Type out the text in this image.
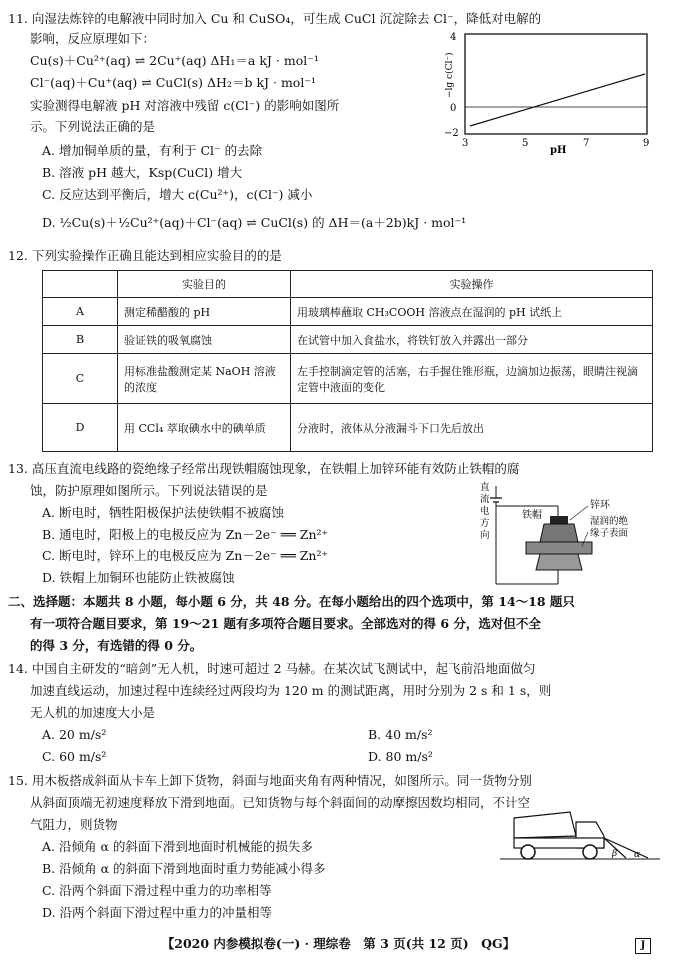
11. 向湿法炼锌的电解液中同时加入 Cu 和 CuSO₄，可生成 CuCl 沉淀除去 Cl⁻，降低对电解的
影响，反应原理如下：
Cu(s)＋Cu²⁺(aq) ⇌ 2Cu⁺(aq) ΔH₁＝a kJ · mol⁻¹
Cl⁻(aq)＋Cu⁺(aq) ⇌ CuCl(s) ΔH₂＝b kJ · mol⁻¹
实验测得电解液 pH 对溶液中残留 c(Cl⁻) 的影响如图所
示。下列说法正确的是
A. 增加铜单质的量，有利于 Cl⁻ 的去除
B. 溶液 pH 越大，Ksp(CuCl) 增大
C. 反应达到平衡后，增大 c(Cu²⁺)，c(Cl⁻) 减小
D. ½Cu(s)＋½Cu²⁺(aq)＋Cl⁻(aq) ⇌ CuCl(s) 的 ΔH＝(a＋2b)kJ · mol⁻¹
4
0
−2
−lg c(Cl⁻)
3	5	7	9
pH
12. 下列实验操作正确且能达到相应实验目的的是
	实验目的	实验操作
A	测定稀醋酸的 pH	用玻璃棒蘸取 CH₃COOH 溶液点在湿润的 pH 试纸上
B	验证铁的吸氧腐蚀	在试管中加入食盐水，将铁钉放入并露出一部分
C	用标准盐酸测定某 NaOH 溶液的浓度	左手控制滴定管的活塞，右手握住锥形瓶，边滴加边振荡，眼睛注视滴定管中液面的变化
D	用 CCl₄ 萃取碘水中的碘单质	分液时，液体从分液漏斗下口先后放出
13. 高压直流电线路的瓷绝缘子经常出现铁帽腐蚀现象，在铁帽上加锌环能有效防止铁帽的腐
蚀，防护原理如图所示。下列说法错误的是
A. 断电时，牺牲阳极保护法使铁帽不被腐蚀
B. 通电时，阳极上的电极反应为 Zn－2e⁻ ══ Zn²⁺
C. 断电时，锌环上的电极反应为 Zn－2e⁻ ══ Zn²⁺
D. 铁帽上加铜环也能防止铁被腐蚀
直
流
电
方
向
铁帽
锌环
湿润的绝
缘子表面
二、选择题：本题共 8 小题，每小题 6 分，共 48 分。在每小题给出的四个选项中，第 14～18 题只
有一项符合题目要求，第 19～21 题有多项符合题目要求。全部选对的得 6 分，选对但不全
的得 3 分，有选错的得 0 分。
14. 中国自主研发的“暗剑”无人机，时速可超过 2 马赫。在某次试飞测试中，起飞前沿地面做匀
加速直线运动，加速过程中连续经过两段均为 120 m 的测试距离，用时分别为 2 s 和 1 s，则
无人机的加速度大小是
A. 20 m/s²	B. 40 m/s²
C. 60 m/s²	D. 80 m/s²
15. 用木板搭成斜面从卡车上卸下货物，斜面与地面夹角有两种情况，如图所示。同一货物分别
从斜面顶端无初速度释放下滑到地面。已知货物与每个斜面间的动摩擦因数均相同，不计空
气阻力，则货物
A. 沿倾角 α 的斜面下滑到地面时机械能的损失多
B. 沿倾角 α 的斜面下滑到地面时重力势能减小得多
C. 沿两个斜面下滑过程中重力的功率相等
D. 沿两个斜面下滑过程中重力的冲量相等
β α
【2020 内参模拟卷(一) · 理综卷　第 3 页(共 12 页)　QG】	J
